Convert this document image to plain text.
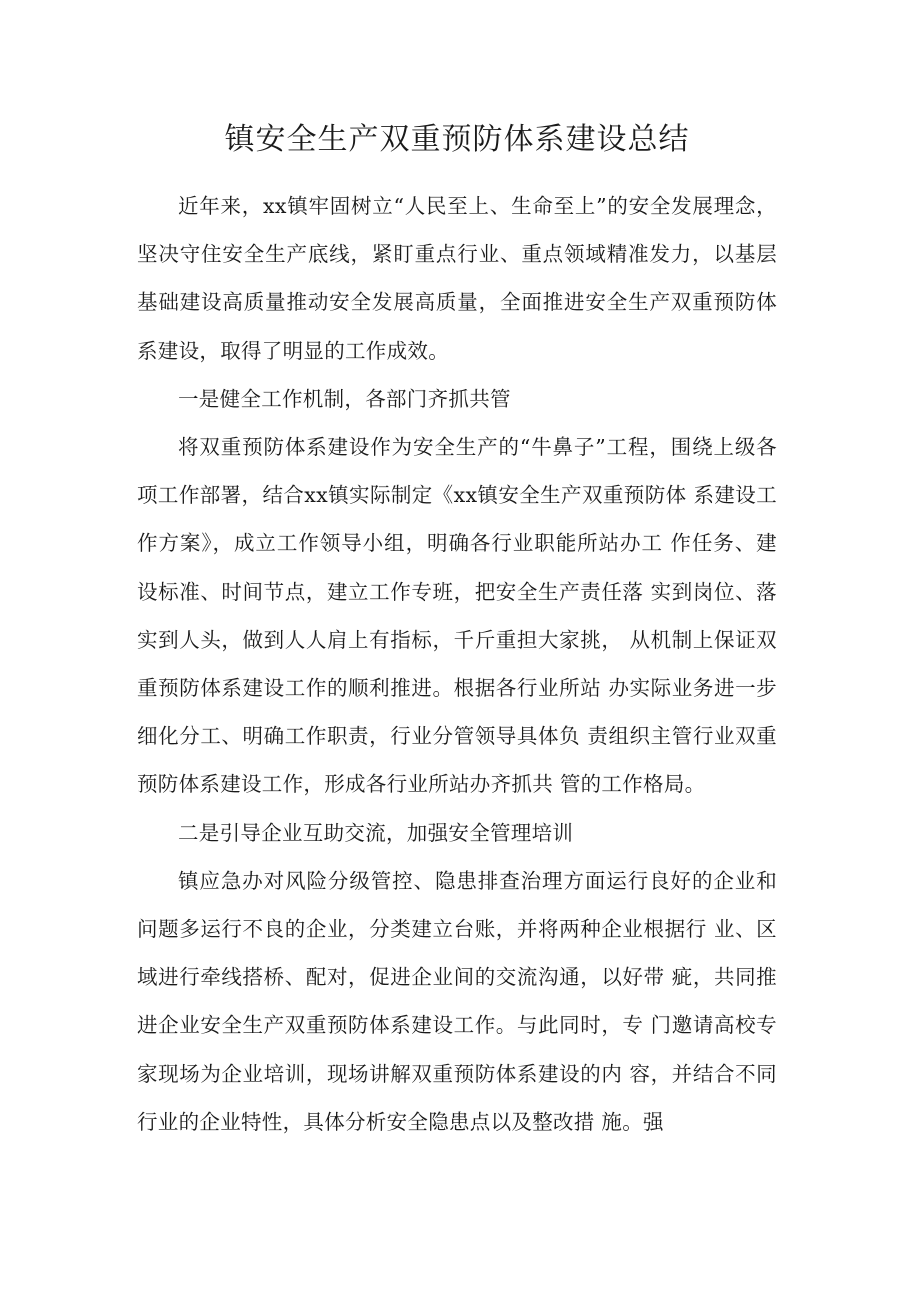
镇安全生产双重预防体系建设总结

近年来，xx镇牢固树立“人民至上、生命至上”的安全发展理念，坚决守住安全生产底线，紧盯重点行业、重点领域精准发力，以基层基础建设高质量推动安全发展高质量，全面推进安全生产双重预防体系建设，取得了明显的工作成效。

一是健全工作机制，各部门齐抓共管

将双重预防体系建设作为安全生产的“牛鼻子”工程，围绕上级各项工作部署，结合xx镇实际制定《xx镇安全生产双重预防体 系建设工作方案》，成立工作领导小组，明确各行业职能所站办工 作任务、建设标准、时间节点，建立工作专班，把安全生产责任落 实到岗位、落实到人头，做到人人肩上有指标，千斤重担大家挑， 从机制上保证双重预防体系建设工作的顺利推进。根据各行业所站 办实际业务进一步细化分工、明确工作职责，行业分管领导具体负 责组织主管行业双重预防体系建设工作，形成各行业所站办齐抓共 管的工作格局。

二是引导企业互助交流，加强安全管理培训

镇应急办对风险分级管控、隐患排查治理方面运行良好的企业和问题多运行不良的企业，分类建立台账，并将两种企业根据行 业、区域进行牵线搭桥、配对，促进企业间的交流沟通，以好带 疵，共同推进企业安全生产双重预防体系建设工作。与此同时，专 门邀请高校专家现场为企业培训，现场讲解双重预防体系建设的内 容，并结合不同行业的企业特性，具体分析安全隐患点以及整改措 施。强
